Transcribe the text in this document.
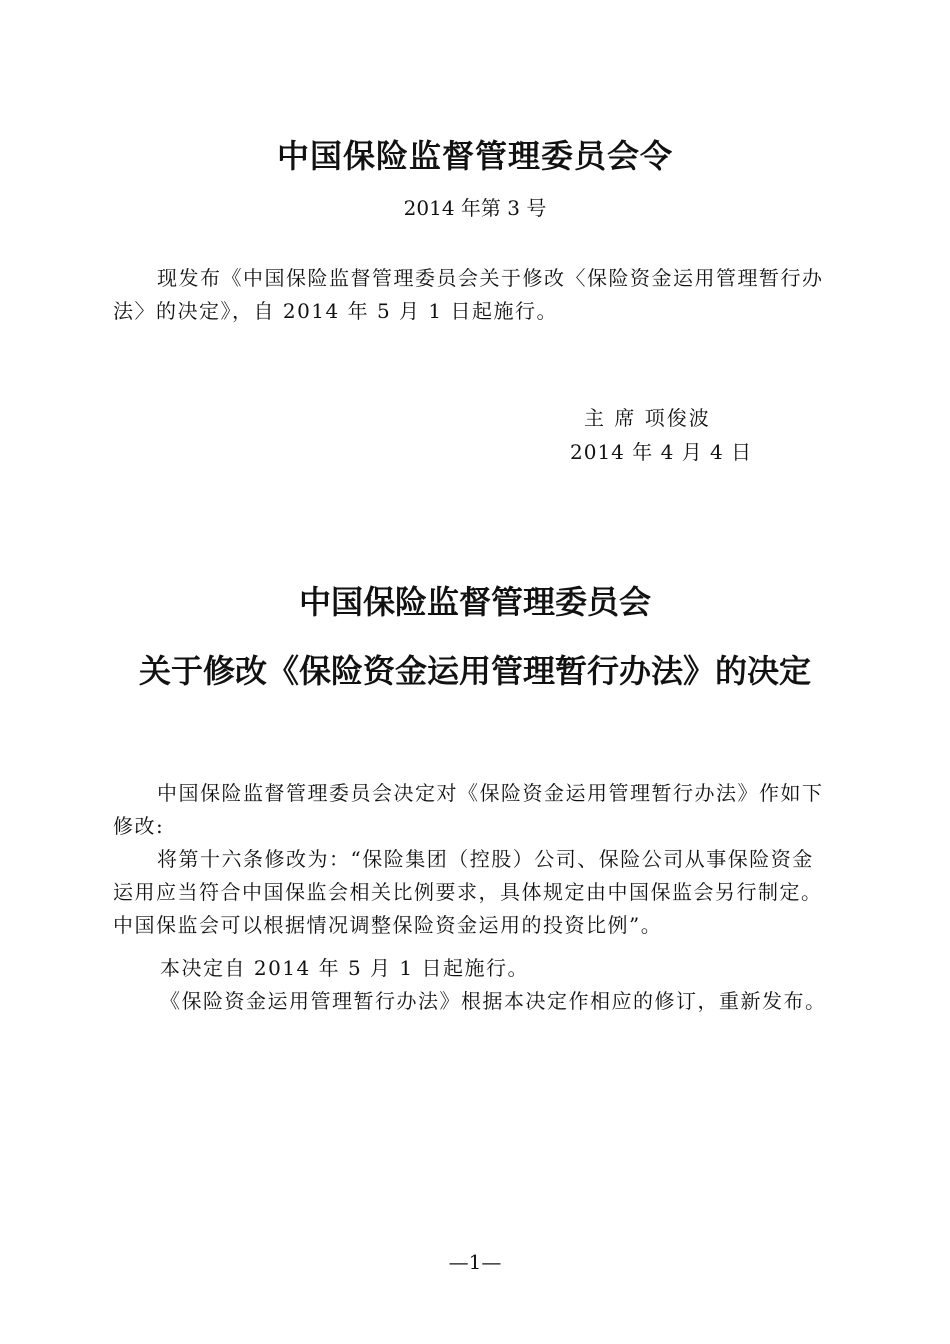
中国保险监督管理委员会令
2014 年第 3 号

现发布《中国保险监督管理委员会关于修改〈保险资金运用管理暂行办法〉的决定》，自 2014 年 5 月 1 日起施行。

主 席 项俊波
2014 年 4 月 4 日
中国保险监督管理委员会
关于修改《保险资金运用管理暂行办法》的决定

中国保险监督管理委员会决定对《保险资金运用管理暂行办法》作如下修改:

将第十六条修改为：“保险集团（控股）公司、保险公司从事保险资金运用应当符合中国保监会相关比例要求，具体规定由中国保监会另行制定。中国保监会可以根据情况调整保险资金运用的投资比例”。

本决定自 2014 年 5 月 1 日起施行。

《保险资金运用管理暂行办法》根据本决定作相应的修订，重新发布。

—1—
